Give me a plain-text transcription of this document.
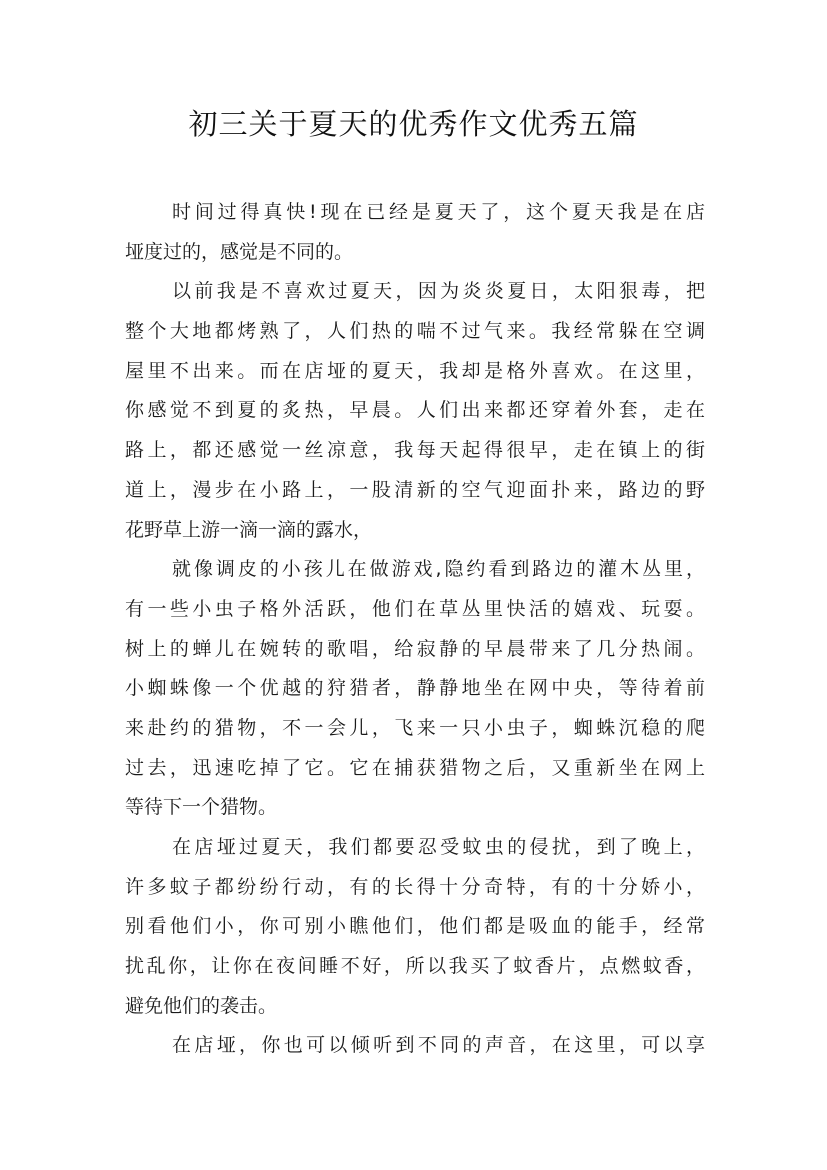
初三关于夏天的优秀作文优秀五篇
时间过得真快!现在已经是夏天了，这个夏天我是在店
垭度过的，感觉是不同的。
以前我是不喜欢过夏天，因为炎炎夏日，太阳狠毒，把
整个大地都烤熟了，人们热的喘不过气来。我经常躲在空调
屋里不出来。而在店垭的夏天，我却是格外喜欢。在这里，
你感觉不到夏的炙热，早晨。人们出来都还穿着外套，走在
路上，都还感觉一丝凉意，我每天起得很早，走在镇上的街
道上，漫步在小路上，一股清新的空气迎面扑来，路边的野
花野草上游一滴一滴的露水，
就像调皮的小孩儿在做游戏,隐约看到路边的灌木丛里，
有一些小虫子格外活跃，他们在草丛里快活的嬉戏、玩耍。
树上的蝉儿在婉转的歌唱，给寂静的早晨带来了几分热闹。
小蜘蛛像一个优越的狩猎者，静静地坐在网中央，等待着前
来赴约的猎物，不一会儿，飞来一只小虫子，蜘蛛沉稳的爬
过去，迅速吃掉了它。它在捕获猎物之后，又重新坐在网上
等待下一个猎物。
在店垭过夏天，我们都要忍受蚊虫的侵扰，到了晚上，
许多蚊子都纷纷行动，有的长得十分奇特，有的十分娇小，
别看他们小，你可别小瞧他们，他们都是吸血的能手，经常
扰乱你，让你在夜间睡不好，所以我买了蚊香片，点燃蚊香，
避免他们的袭击。
在店垭，你也可以倾听到不同的声音，在这里，可以享
